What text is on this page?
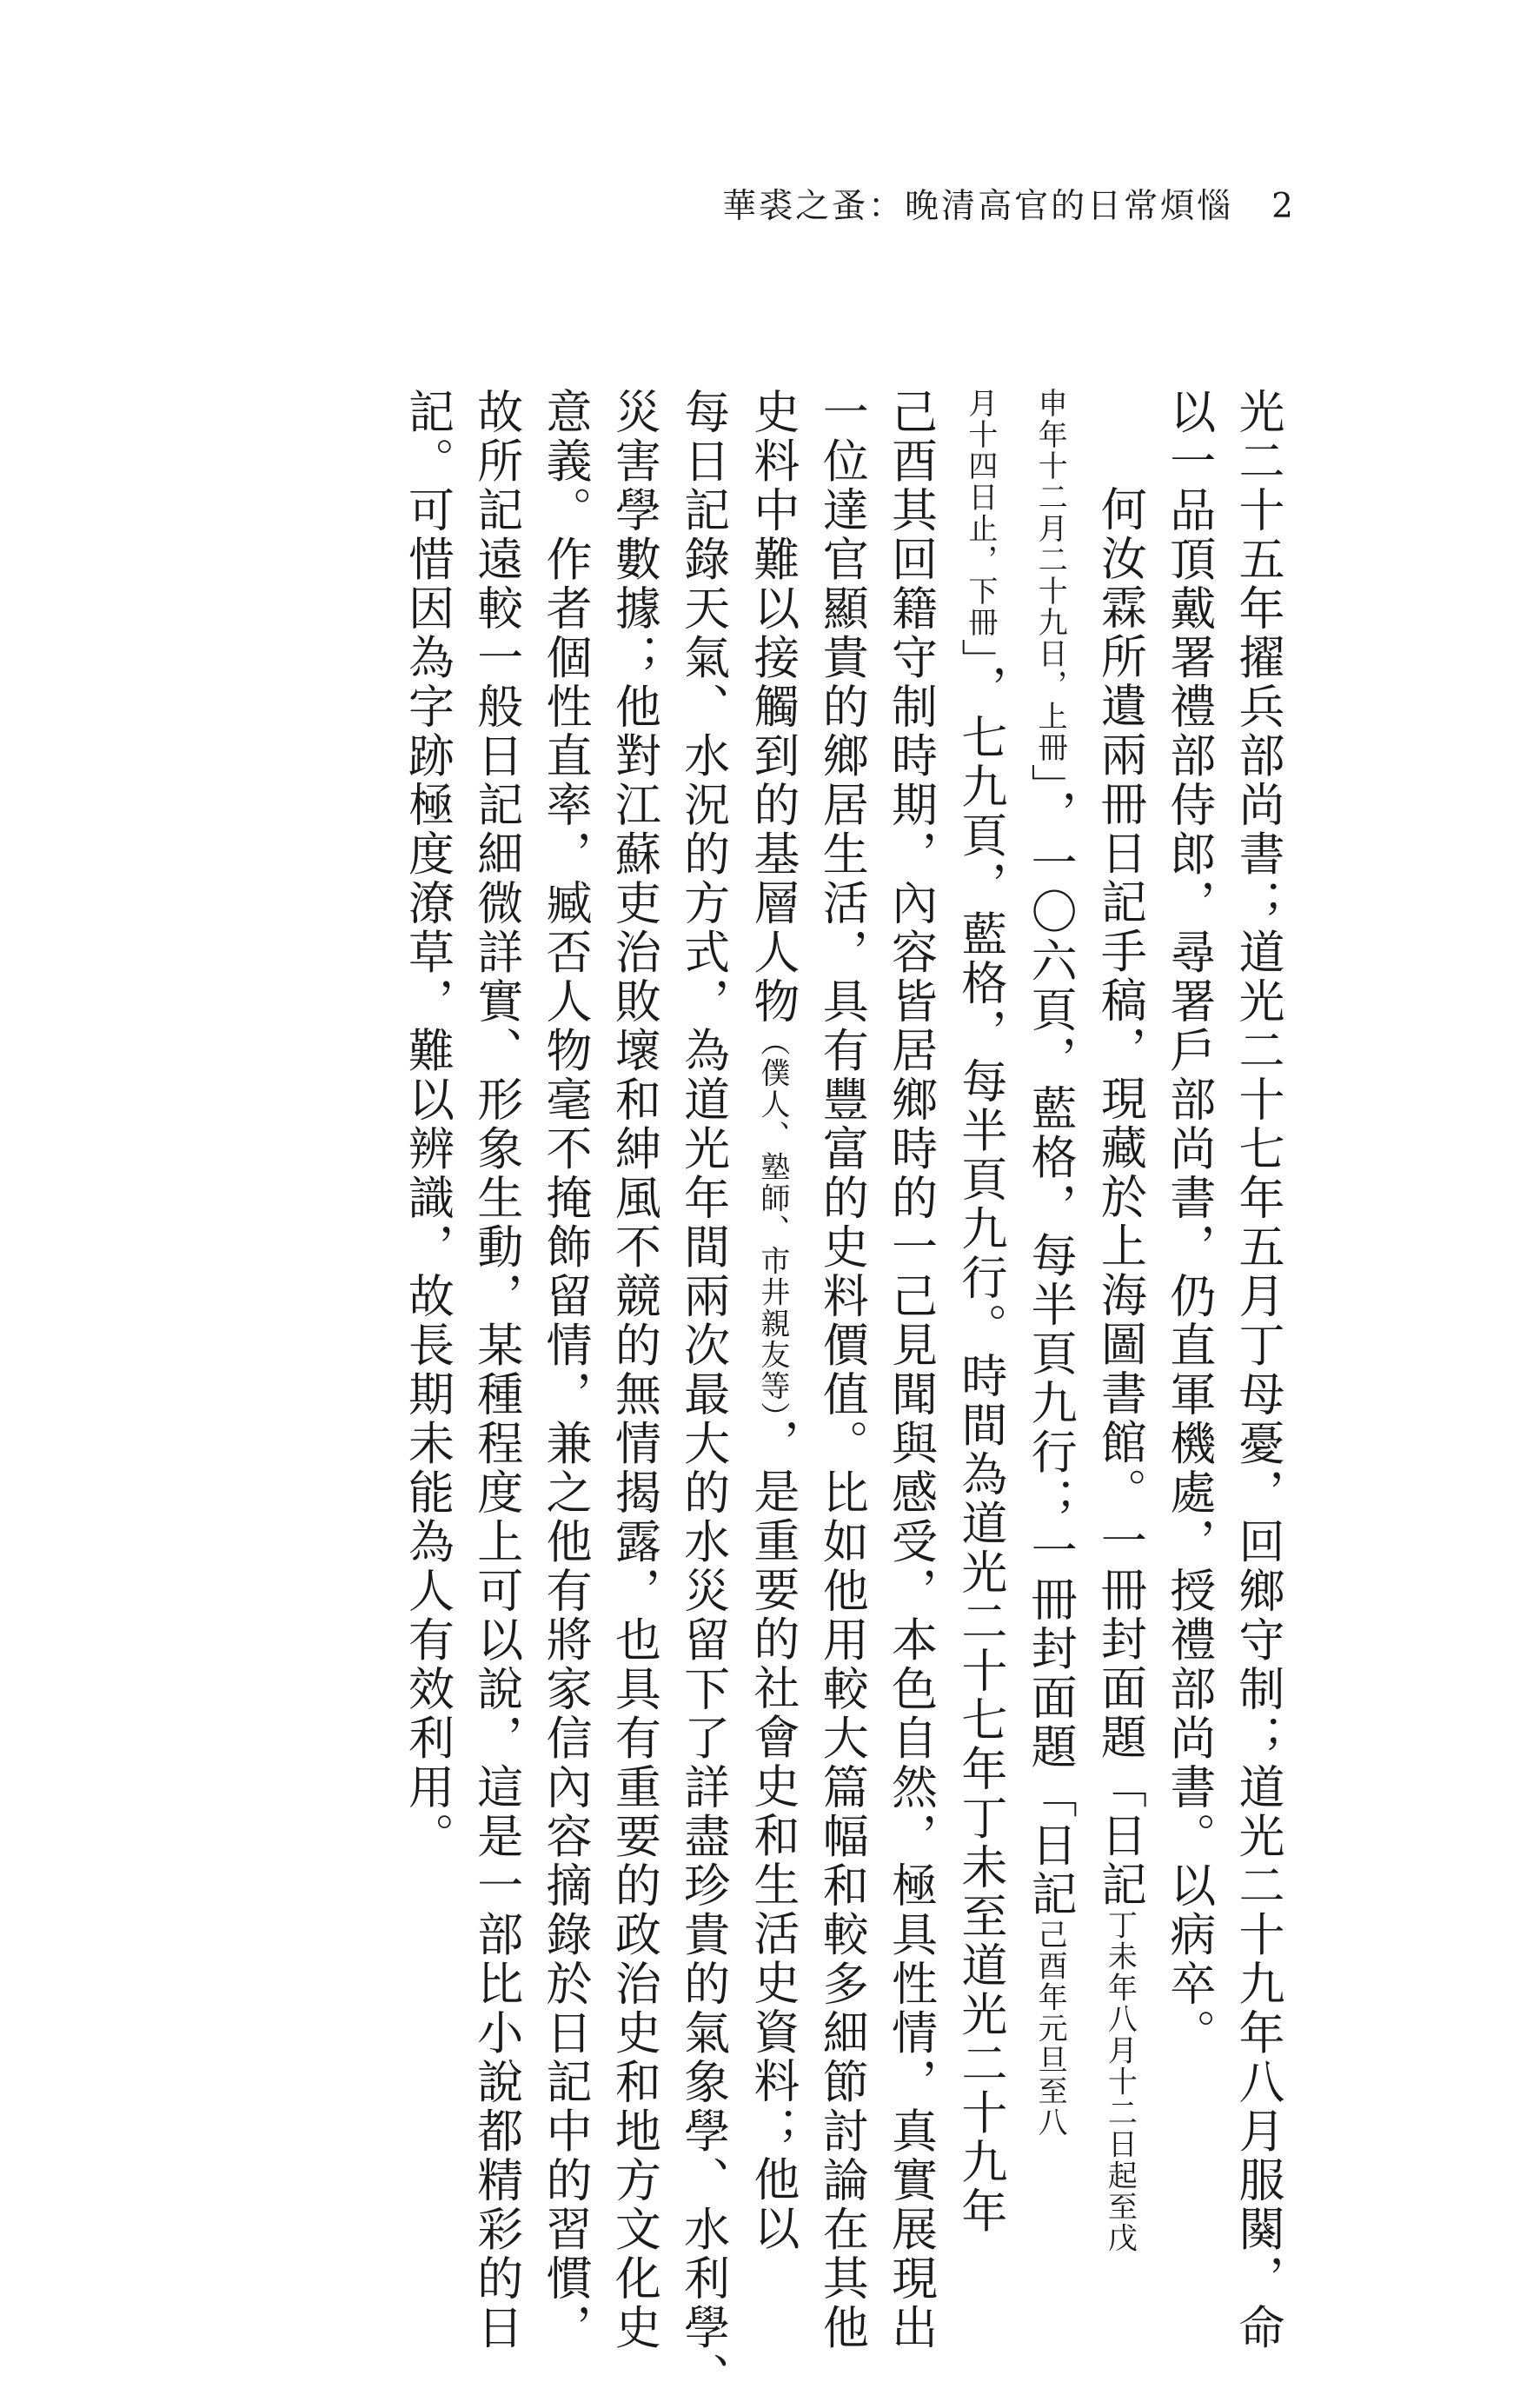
華裘之蚤：晚清高官的日常煩惱 2
光二十五年擢兵部尚書；道光二十七年五月丁母憂，回鄉守制；道光二十九年八月服闋，命
以一品頂戴署禮部侍郎，尋署戶部尚書，仍直軍機處，授禮部尚書。以病卒。
何汝霖所遺兩冊日記手稿，現藏於上海圖書館。一冊封面題「日記丁未年八月十二日起至戊
申年十二月二十九日，上冊」，一〇六頁，藍格，每半頁九行；一冊封面題「日記己酉年元旦至八
月十四日止，下冊」，七九頁，藍格，每半頁九行。時間為道光二十七年丁未至道光二十九年
己酉其回籍守制時期，內容皆居鄉時的一己見聞與感受，本色自然，極具性情，真實展現出
一位達官顯貴的鄉居生活，具有豐富的史料價值。比如他用較大篇幅和較多細節討論在其他
史料中難以接觸到的基層人物（僕人、塾師、市井親友等），是重要的社會史和生活史資料；他以
每日記錄天氣、水況的方式，為道光年間兩次最大的水災留下了詳盡珍貴的氣象學、水利學、
災害學數據；他對江蘇吏治敗壞和紳風不競的無情揭露，也具有重要的政治史和地方文化史
意義。作者個性直率，臧否人物毫不掩飾留情，兼之他有將家信內容摘錄於日記中的習慣，
故所記遠較一般日記細微詳實、形象生動，某種程度上可以說，這是一部比小說都精彩的日
記。可惜因為字跡極度潦草，難以辨識，故長期未能為人有效利用。
